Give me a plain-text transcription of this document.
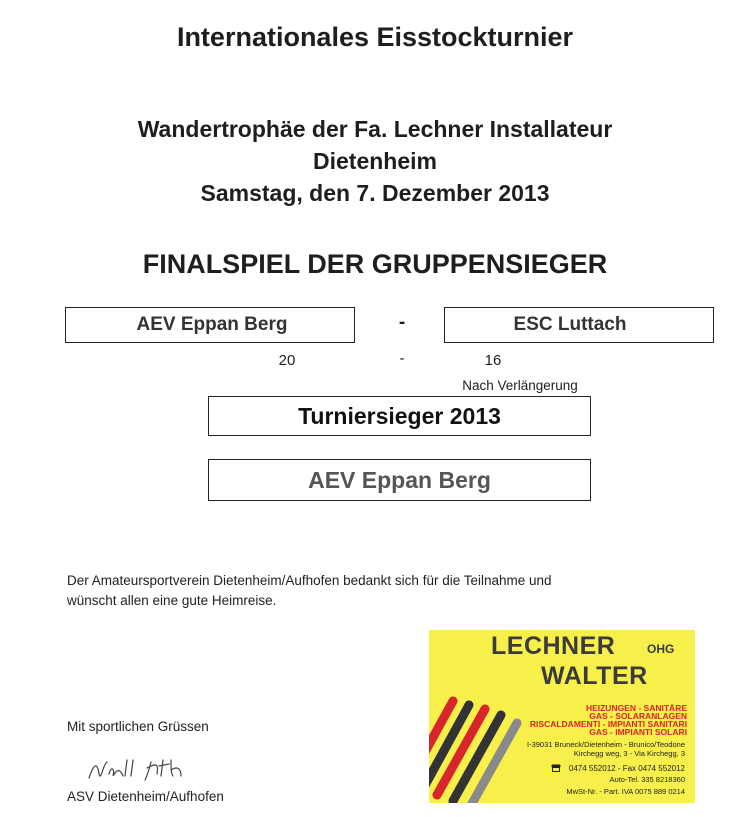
Internationales Eisstockturnier
Wandertrophäe der Fa. Lechner Installateur
Dietenheim
Samstag, den 7. Dezember 2013
FINALSPIEL DER GRUPPENSIEGER
AEV Eppan Berg	-	ESC Luttach
20	-	16
Nach Verlängerung
Turniersieger 2013
AEV Eppan Berg
Der Amateursportverein Dietenheim/Aufhofen bedankt sich für die Teilnahme und
wünscht allen eine gute Heimreise.
Mit sportlichen Grüssen
ASV Dietenheim/Aufhofen
LECHNER	OHG
WALTER
HEIZUNGEN - SANITÄRE
GAS - SOLARANLAGEN
RISCALDAMENTI - IMPIANTI SANITARI
GAS - IMPIANTI SOLARI
I-39031 Bruneck/Dietenheim - Brunico/Teodone
Kirchegg weg, 3 - Via Kirchegg, 3
0474 552012 - Fax 0474 552012
Auto-Tel. 335 8218360
MwSt-Nr. - Part. IVA 0075 889 0214
